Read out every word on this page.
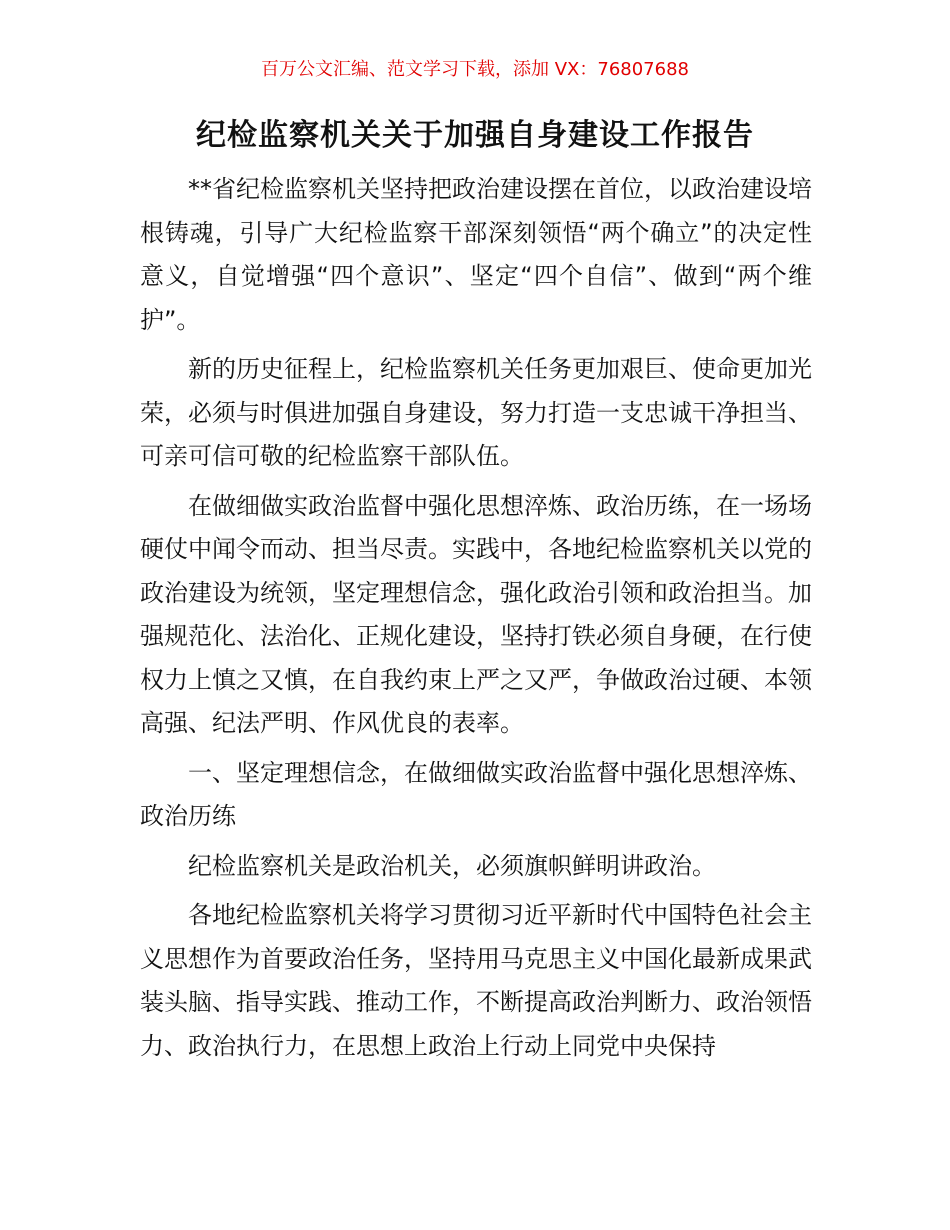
百万公文汇编、范文学习下载，添加 VX：76807688
纪检监察机关关于加强自身建设工作报告

**省纪检监察机关坚持把政治建设摆在首位，以政治建设培根铸魂，引导广大纪检监察干部深刻领悟“两个确立”的决定性意义，自觉增强“四个意识”、坚定“四个自信”、做到“两个维护”。

新的历史征程上，纪检监察机关任务更加艰巨、使命更加光荣，必须与时俱进加强自身建设，努力打造一支忠诚干净担当、可亲可信可敬的纪检监察干部队伍。

在做细做实政治监督中强化思想淬炼、政治历练，在一场场硬仗中闻令而动、担当尽责。实践中，各地纪检监察机关以党的政治建设为统领，坚定理想信念，强化政治引领和政治担当。加强规范化、法治化、正规化建设，坚持打铁必须自身硬，在行使权力上慎之又慎，在自我约束上严之又严，争做政治过硬、本领高强、纪法严明、作风优良的表率。

一、坚定理想信念，在做细做实政治监督中强化思想淬炼、政治历练

纪检监察机关是政治机关，必须旗帜鲜明讲政治。

各地纪检监察机关将学习贯彻习近平新时代中国特色社会主义思想作为首要政治任务，坚持用马克思主义中国化最新成果武装头脑、指导实践、推动工作，不断提高政治判断力、政治领悟力、政治执行力，在思想上政治上行动上同党中央保持
